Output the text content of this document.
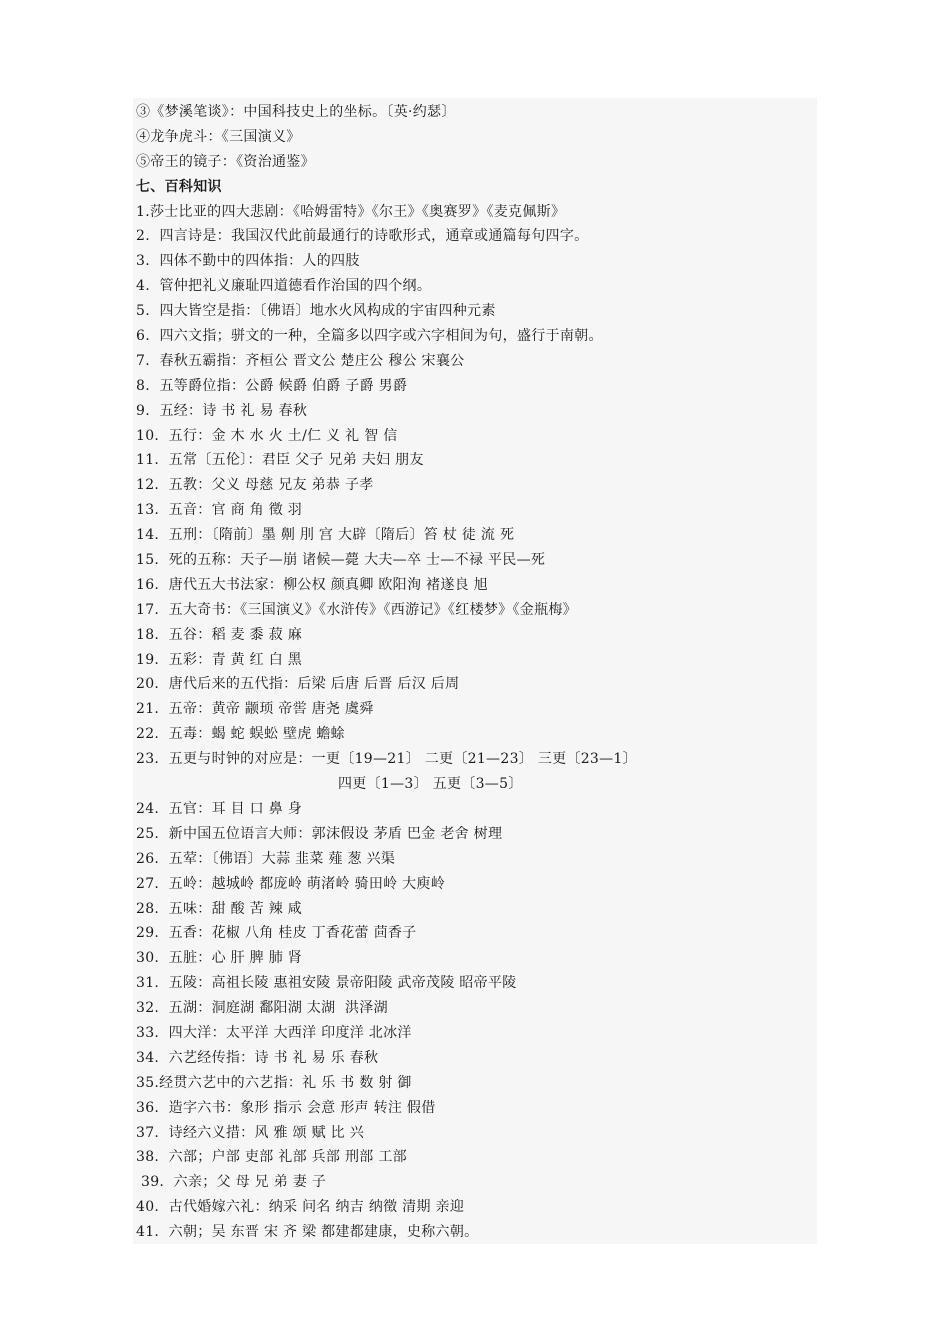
③《梦溪笔谈》：中国科技史上的坐标。〔英·约瑟〕
④龙争虎斗：《三国演义》
⑤帝王的镜子：《资治通鉴》
七、百科知识
1.莎士比亚的四大悲剧：《哈姆雷特》《尔王》《奥赛罗》《麦克佩斯》
2.  四言诗是：我国汉代此前最通行的诗歌形式，通章或通篇每句四字。
3.  四体不勤中的四体指：人的四肢
4.  管仲把礼义廉耻四道德看作治国的四个纲。
5.  四大皆空是指：〔佛语〕地水火风构成的宇宙四种元素
6.  四六文指；骈文的一种，全篇多以四字或六字相间为句，盛行于南朝。
7.  春秋五霸指：齐桓公 晋文公 楚庄公 穆公 宋襄公
8.  五等爵位指：公爵 候爵 伯爵 子爵 男爵
9.  五经：诗 书 礼 易 春秋
10.  五行：金 木 水 火 土/仁 义 礼 智 信
11.  五常〔五伦〕：君臣 父子 兄弟 夫妇 朋友
12.  五教：父义 母慈 兄友 弟恭 子孝
13.  五音：官 商 角 徵 羽
14.  五刑：〔隋前〕墨 劓 刖 宫 大辟〔隋后〕笞 杖 徒 流 死
15.  死的五称：天子—崩 诸候—薨 大夫—卒 士—不禄 平民—死
16.  唐代五大书法家：柳公权 颜真卿 欧阳洵 褚遂良 旭
17.  五大奇书：《三国演义》《水浒传》《西游记》《红楼梦》《金瓶梅》
18.  五谷：稻 麦 黍 菽 麻
19.  五彩：青 黄 红 白 黑
20.  唐代后来的五代指：后梁 后唐 后晋 后汉 后周
21.  五帝：黄帝 颛顼 帝喾 唐尧 虞舜
22.  五毒：蝎 蛇 蜈蚣 壁虎 蟾蜍
23.  五更与时钟的对应是：一更〔19—21〕 二更〔21—23〕 三更〔23—1〕
四更〔1—3〕 五更〔3—5〕
24.  五官：耳 目 口 鼻 身
25.  新中国五位语言大师：郭沫假设 茅盾 巴金 老舍 树理
26.  五荤：〔佛语〕大蒜 韭菜 薤 葱 兴渠
27.  五岭：越城岭 都庞岭 萌渚岭 骑田岭 大庾岭
28.  五味：甜 酸 苦 辣 咸
29.  五香：花椒 八角 桂皮 丁香花蕾 茴香子
30.  五脏：心 肝 脾 肺 肾
31.  五陵：高祖长陵 惠祖安陵 景帝阳陵 武帝茂陵 昭帝平陵
32.  五湖：洞庭湖 鄱阳湖 太湖  洪泽湖
33.  四大洋：太平洋 大西洋 印度洋 北冰洋
34.  六艺经传指：诗 书 礼 易 乐 春秋
35.经贯六艺中的六艺指：礼 乐 书 数 射 御
36.  造字六书：象形 指示 会意 形声 转注 假借
37.  诗经六义措：风 雅 颂 赋 比 兴
38.  六部；户部 吏部 礼部 兵部 刑部 工部
39.  六亲；父 母 兄 弟 妻 子
40.  古代婚嫁六礼：纳采 问名 纳吉 纳徵 清期 亲迎
41.  六朝；吴 东晋 宋 齐 梁 都建都建康，史称六朝。
